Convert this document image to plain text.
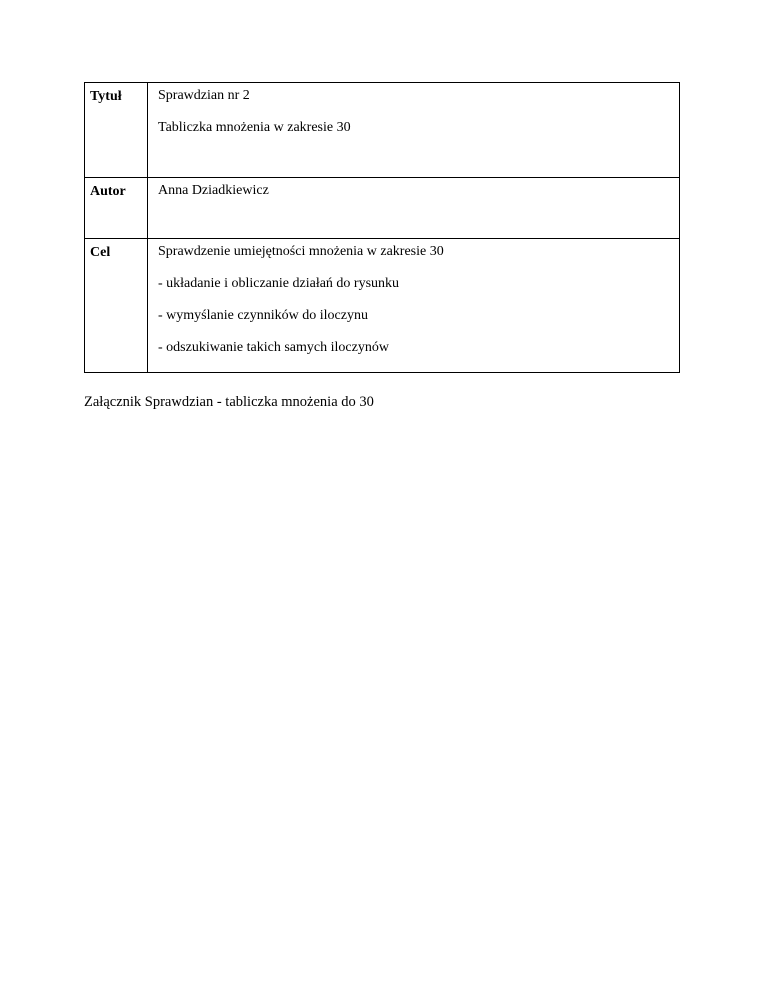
Tytuł	Sprawdzian nr 2
Tabliczka mnożenia w zakresie 30

Autor	Anna Dziadkiewicz

Cel	Sprawdzenie umiejętności mnożenia w zakresie 30
- układanie i obliczanie działań do rysunku
- wymyślanie czynników do iloczynu
- odszukiwanie takich samych iloczynów
Załącznik Sprawdzian - tabliczka mnożenia do 30
